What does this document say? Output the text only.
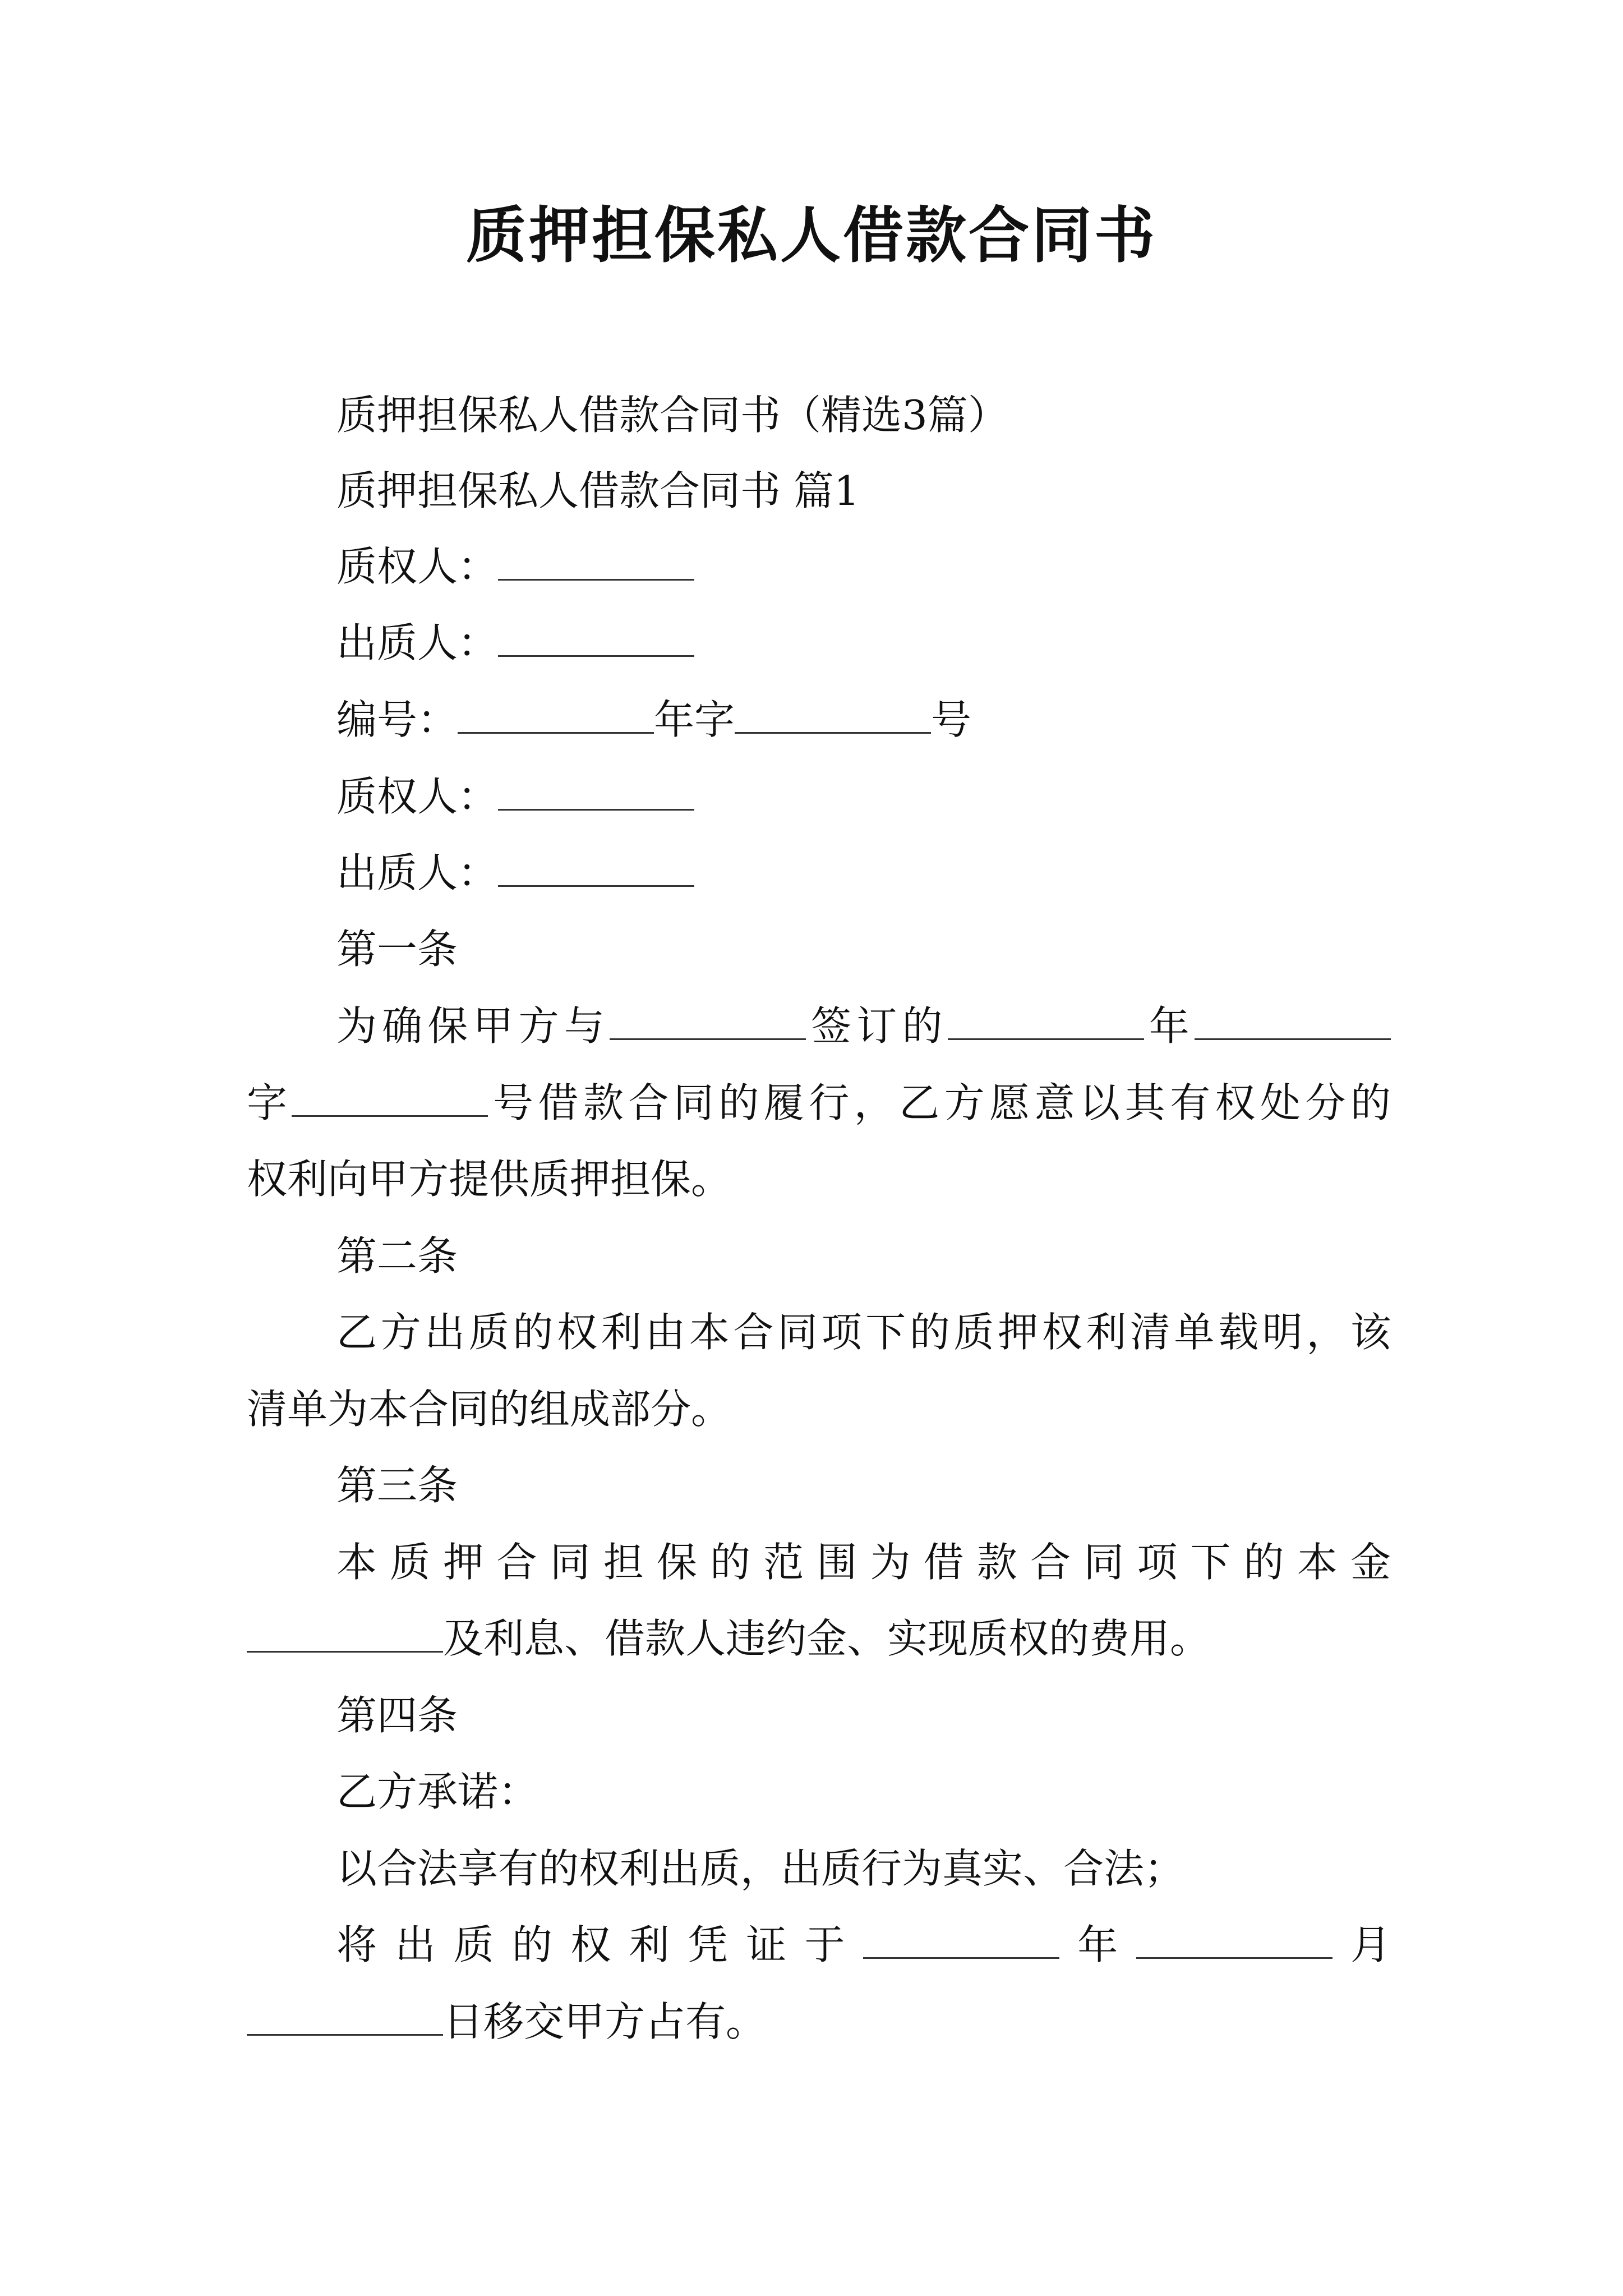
质押担保私人借款合同书
质押担保私人借款合同书（精选3篇）
质押担保私人借款合同书 篇1
质权人：
出质人：
编号：	年字	号
质权人：
出质人：
第一条
为确保甲方与	签订的	年
字	号借款合同的履行，乙方愿意以其有权处分的
权利向甲方提供质押担保。
第二条
乙方出质的权利由本合同项下的质押权利清单载明，该
清单为本合同的组成部分。
第三条
本质押合同担保的范围为借款合同项下的本金
及利息、借款人违约金、实现质权的费用。
第四条
乙方承诺：
以合法享有的权利出质，出质行为真实、合法；
将出质的权利凭证于	年	月
日移交甲方占有。
